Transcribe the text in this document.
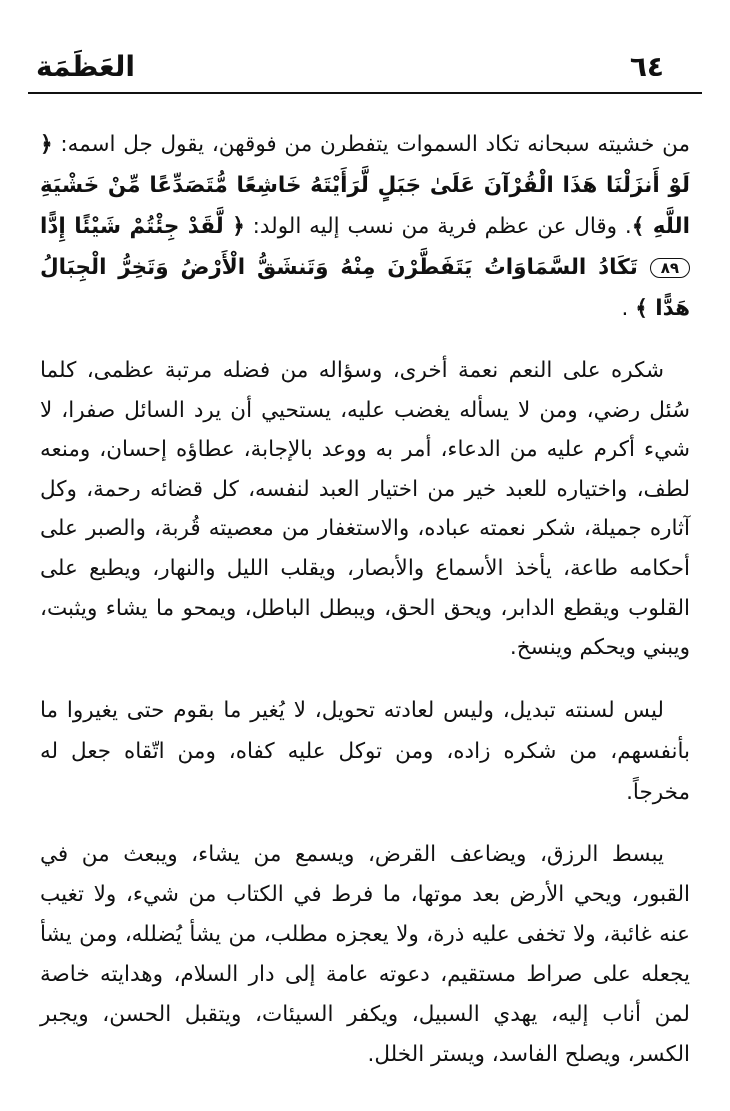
٦٤
العَظَمَة

من خشيته سبحانه تكاد السموات يتفطرن من فوقهن، يقول جل اسمه: ﴿ لَوْ أَنزَلْنَا هَذَا الْقُرْآنَ عَلَىٰ جَبَلٍ لَّرَأَيْتَهُ خَاشِعًا مُّتَصَدِّعًا مِّنْ خَشْيَةِ اللَّهِ ﴾. وقال عن عظم فرية من نسب إليه الولد: ﴿ لَّقَدْ جِئْتُمْ شَيْئًا إِدًّا ٨٩ تَكَادُ السَّمَاوَاتُ يَتَفَطَّرْنَ مِنْهُ وَتَنشَقُّ الْأَرْضُ وَتَخِرُّ الْجِبَالُ هَدًّا ﴾ .

شكره على النعم نعمة أخرى، وسؤاله من فضله مرتبة عظمى، كلما سُئل رضي، ومن لا يسأله يغضب عليه، يستحيي أن يرد السائل صفرا، لا شيء أكرم عليه من الدعاء، أمر به ووعد بالإجابة، عطاؤه إحسان، ومنعه لطف، واختياره للعبد خير من اختيار العبد لنفسه، كل قضائه رحمة، وكل آثاره جميلة، شكر نعمته عباده، والاستغفار من معصيته قُربة، والصبر على أحكامه طاعة، يأخذ الأسماع والأبصار، ويقلب الليل والنهار، ويطبع على القلوب ويقطع الدابر، ويحق الحق، ويبطل الباطل، ويمحو ما يشاء ويثبت، ويبني ويحكم وينسخ.

ليس لسنته تبديل، وليس لعادته تحويل، لا يُغير ما بقوم حتى يغيروا ما بأنفسهم، من شكره زاده، ومن توكل عليه كفاه، ومن اتّقاه جعل له مخرجاً.

يبسط الرزق، ويضاعف القرض، ويسمع من يشاء، ويبعث من في القبور، ويحي الأرض بعد موتها، ما فرط في الكتاب من شيء، ولا تغيب عنه غائبة، ولا تخفى عليه ذرة، ولا يعجزه مطلب، من يشأ يُضلله، ومن يشأ يجعله على صراط مستقيم، دعوته عامة إلى دار السلام، وهدايته خاصة لمن أناب إليه، يهدي السبيل، ويكفر السيئات، ويتقبل الحسن، ويجبر الكسر، ويصلح الفاسد، ويستر الخلل.
